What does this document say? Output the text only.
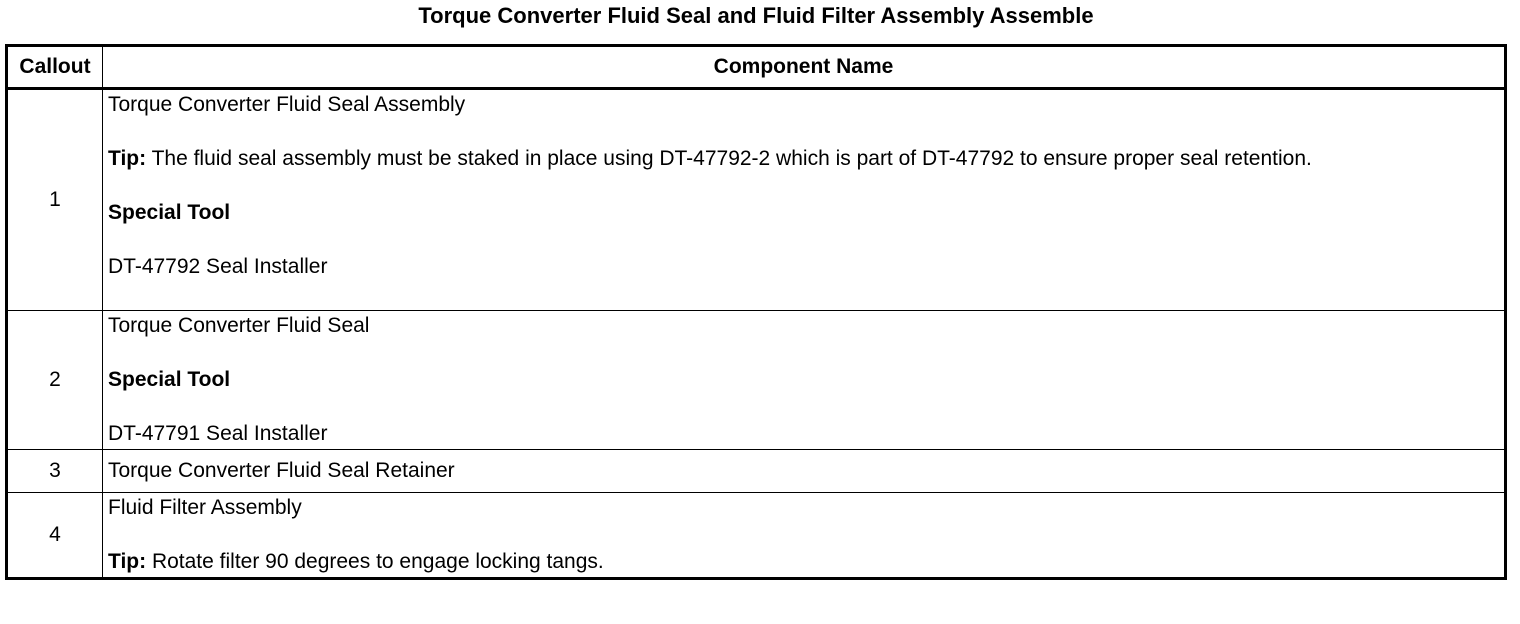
Torque Converter Fluid Seal and Fluid Filter Assembly Assemble
Callout	Component Name
1	Torque Converter Fluid Seal Assembly

Tip: The fluid seal assembly must be staked in place using DT-47792-2 which is part of DT-47792 to ensure proper seal retention.

Special Tool

DT-47792 Seal Installer

2	Torque Converter Fluid Seal

Special Tool

DT-47791 Seal Installer

3	Torque Converter Fluid Seal Retainer

4	Fluid Filter Assembly

Tip: Rotate filter 90 degrees to engage locking tangs.
